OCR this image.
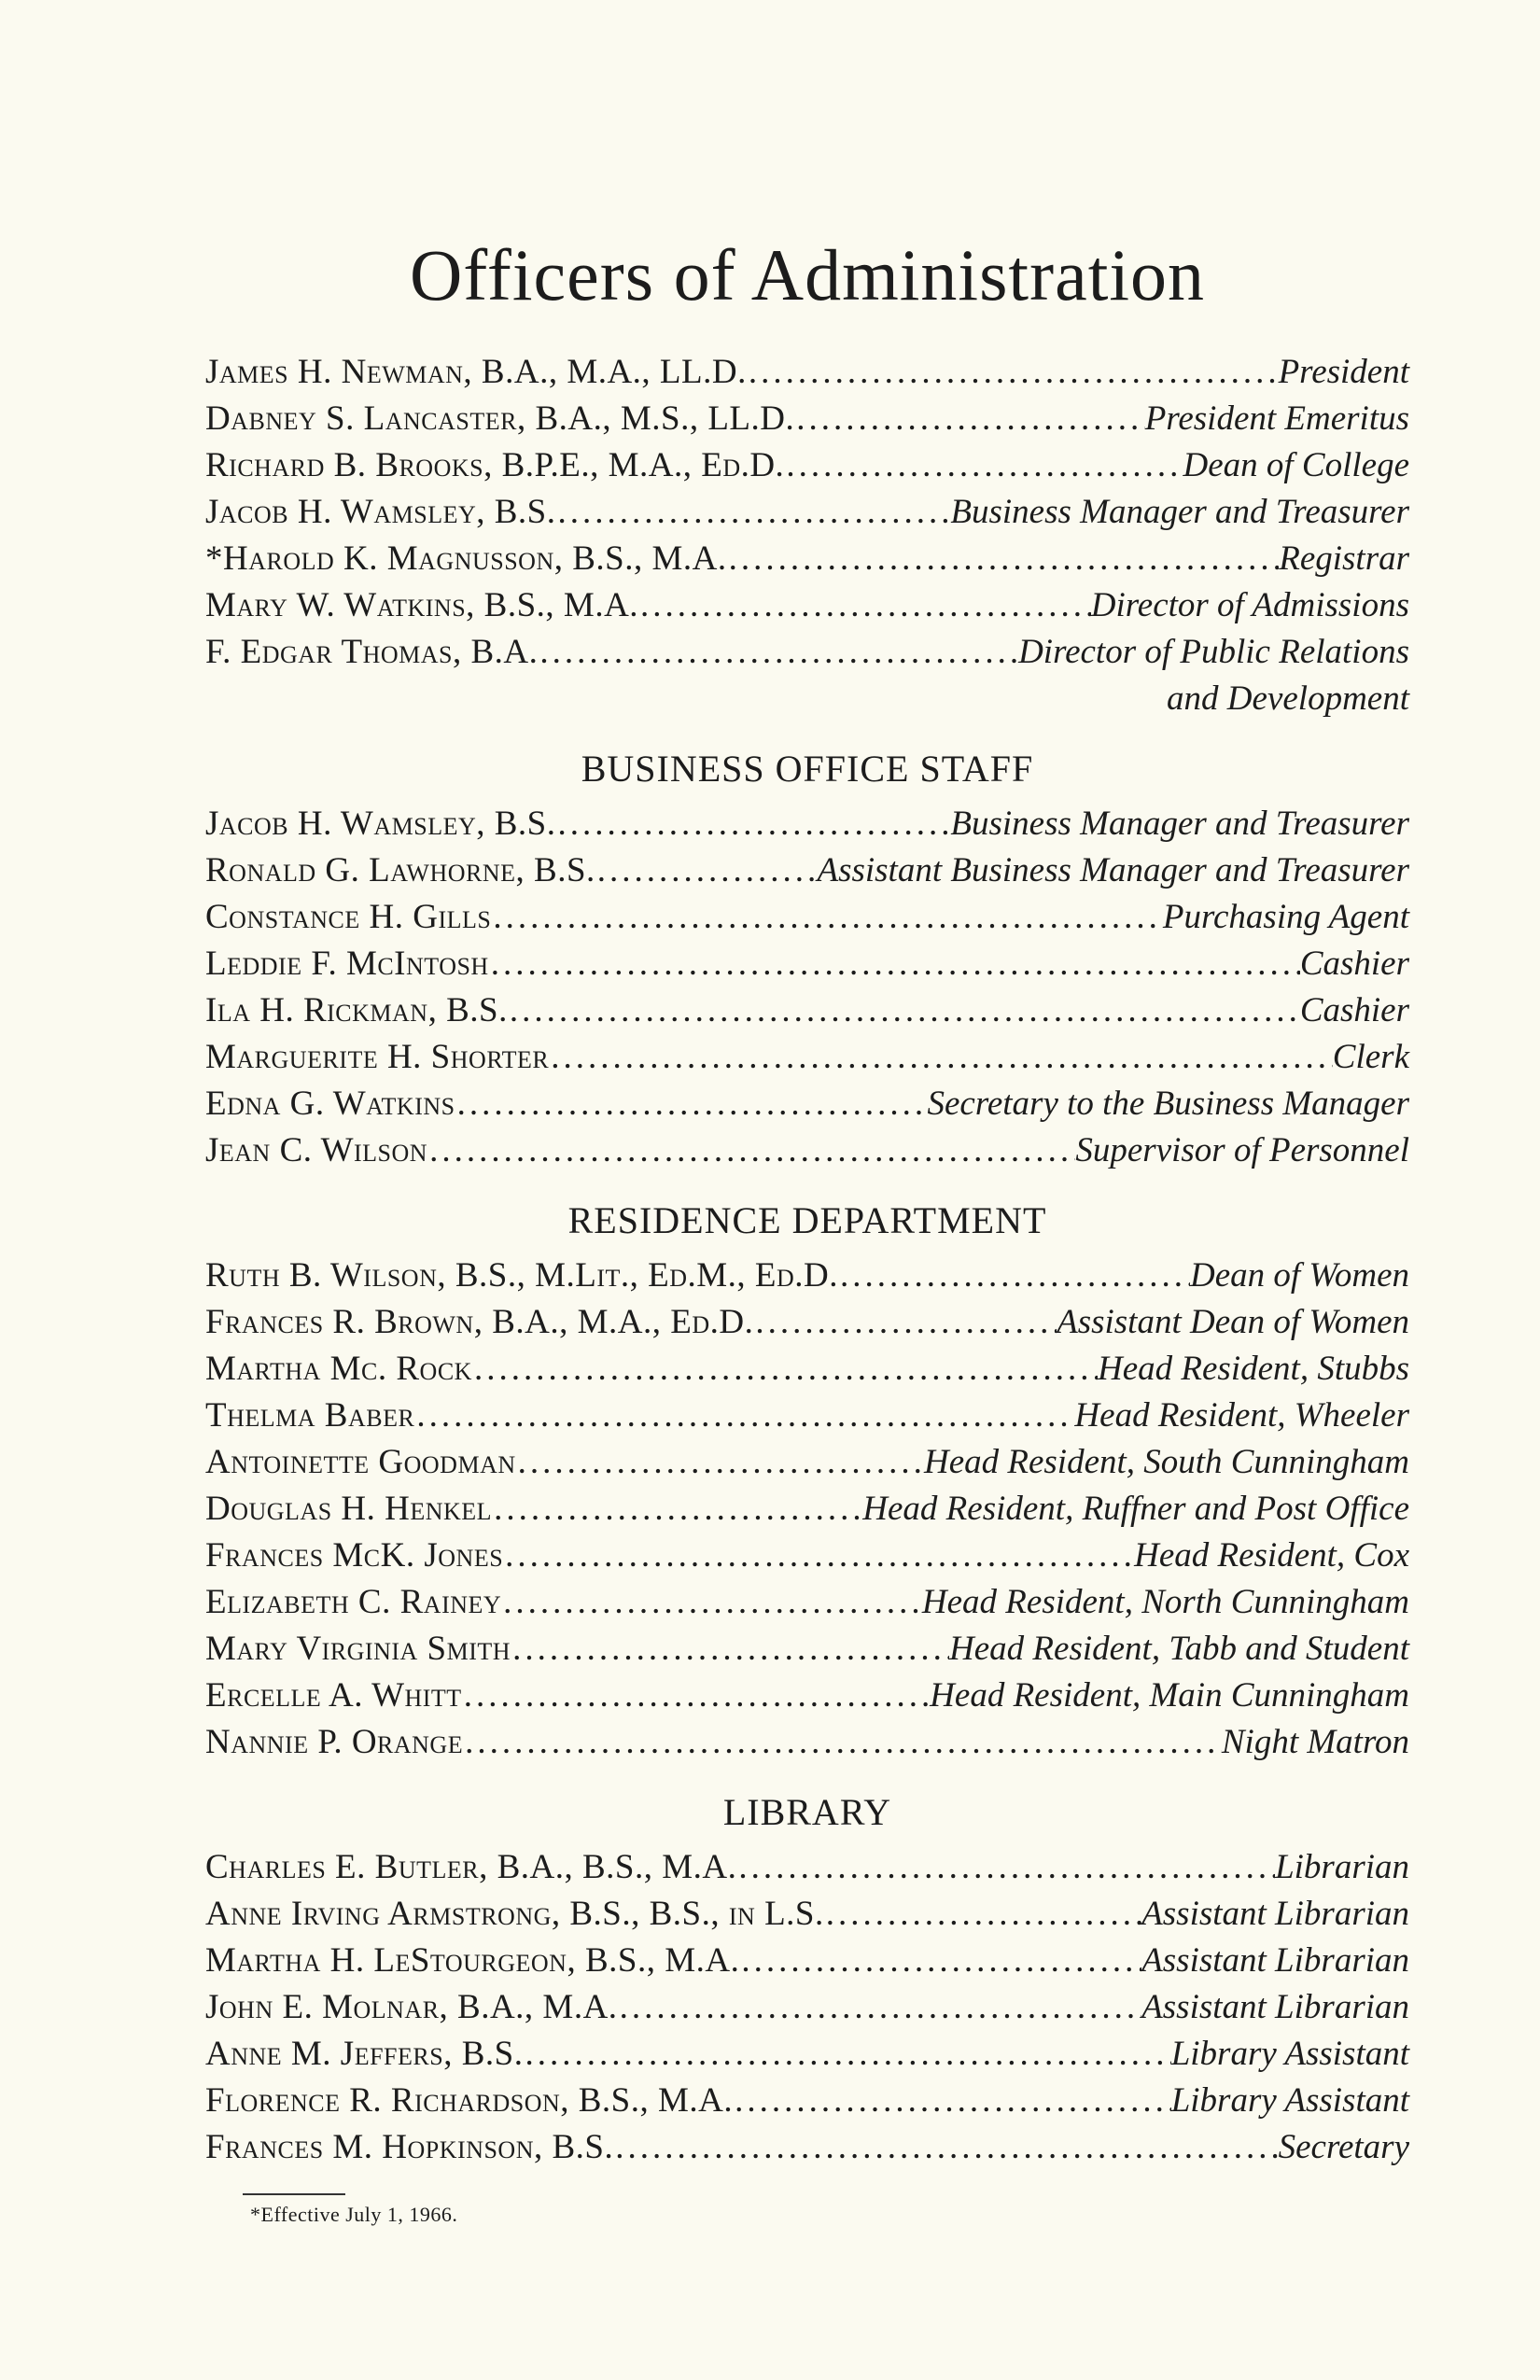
Officers of Administration
James H. Newman, B.A., M.A., LL.D. .....	President
Dabney S. Lancaster, B.A., M.S., LL.D. .....	President Emeritus
Richard B. Brooks, B.P.E., M.A., Ed.D. .....	Dean of College
Jacob H. Wamsley, B.S. .....	Business Manager and Treasurer
*Harold K. Magnusson, B.S., M.A. .....	Registrar
Mary W. Watkins, B.S., M.A. .....	Director of Admissions
F. Edgar Thomas, B.A. .....	Director of Public Relations
and Development
BUSINESS OFFICE STAFF
Jacob H. Wamsley, B.S. .....	Business Manager and Treasurer
Ronald G. Lawhorne, B.S. .....	Assistant Business Manager and Treasurer
Constance H. Gills .....	Purchasing Agent
Leddie F. McIntosh .....	Cashier
Ila H. Rickman, B.S. .....	Cashier
Marguerite H. Shorter .....	Clerk
Edna G. Watkins .....	Secretary to the Business Manager
Jean C. Wilson .....	Supervisor of Personnel
RESIDENCE DEPARTMENT
Ruth B. Wilson, B.S., M.Lit., Ed.M., Ed.D. .....	Dean of Women
Frances R. Brown, B.A., M.A., Ed.D. .....	Assistant Dean of Women
Martha Mc. Rock .....	Head Resident, Stubbs
Thelma Baber .....	Head Resident, Wheeler
Antoinette Goodman .....	Head Resident, South Cunningham
Douglas H. Henkel .....	Head Resident, Ruffner and Post Office
Frances McK. Jones .....	Head Resident, Cox
Elizabeth C. Rainey .....	Head Resident, North Cunningham
Mary Virginia Smith .....	Head Resident, Tabb and Student
Ercelle A. Whitt .....	Head Resident, Main Cunningham
Nannie P. Orange .....	Night Matron
LIBRARY
Charles E. Butler, B.A., B.S., M.A. .....	Librarian
Anne Irving Armstrong, B.S., B.S., in L.S. .....	Assistant Librarian
Martha H. LeStourgeon, B.S., M.A. .....	Assistant Librarian
John E. Molnar, B.A., M.A. .....	Assistant Librarian
Anne M. Jeffers, B.S. .....	Library Assistant
Florence R. Richardson, B.S., M.A. .....	Library Assistant
Frances M. Hopkinson, B.S. .....	Secretary
*Effective July 1, 1966.
